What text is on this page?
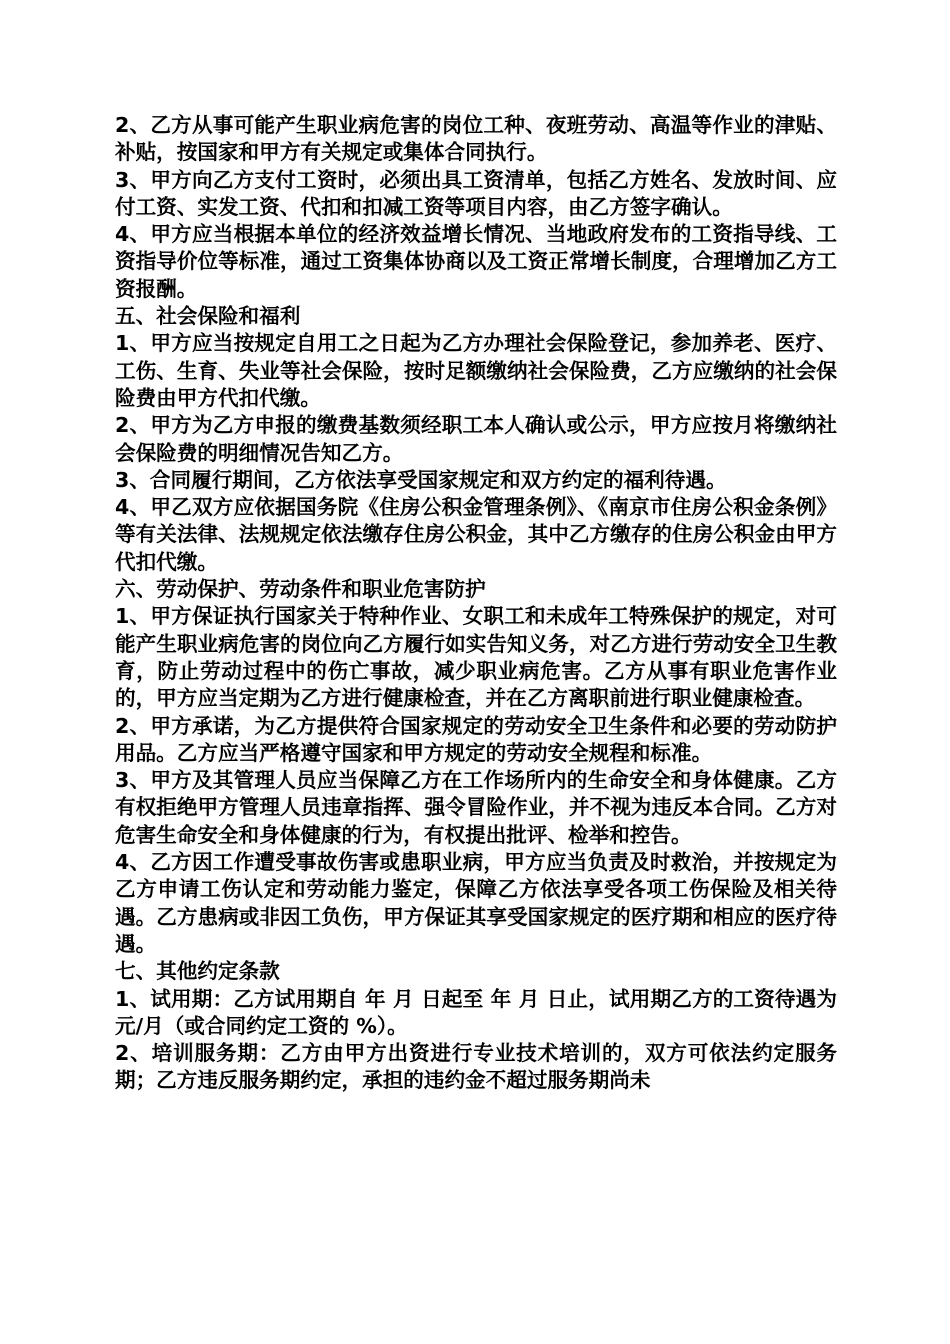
2、乙方从事可能产生职业病危害的岗位工种、夜班劳动、高温等作业的津贴、补贴，按国家和甲方有关规定或集体合同执行。

3、甲方向乙方支付工资时，必须出具工资清单，包括乙方姓名、发放时间、应付工资、实发工资、代扣和扣减工资等项目内容，由乙方签字确认。

4、甲方应当根据本单位的经济效益增长情况、当地政府发布的工资指导线、工资指导价位等标准，通过工资集体协商以及工资正常增长制度，合理增加乙方工资报酬。

五、社会保险和福利

1、甲方应当按规定自用工之日起为乙方办理社会保险登记，参加养老、医疗、工伤、生育、失业等社会保险，按时足额缴纳社会保险费，乙方应缴纳的社会保险费由甲方代扣代缴。

2、甲方为乙方申报的缴费基数须经职工本人确认或公示，甲方应按月将缴纳社会保险费的明细情况告知乙方。

3、合同履行期间，乙方依法享受国家规定和双方约定的福利待遇。

4、甲乙双方应依据国务院《住房公积金管理条例》、《南京市住房公积金条例》等有关法律、法规规定依法缴存住房公积金，其中乙方缴存的住房公积金由甲方代扣代缴。

六、劳动保护、劳动条件和职业危害防护

1、甲方保证执行国家关于特种作业、女职工和未成年工特殊保护的规定，对可能产生职业病危害的岗位向乙方履行如实告知义务，对乙方进行劳动安全卫生教育，防止劳动过程中的伤亡事故，减少职业病危害。乙方从事有职业危害作业的，甲方应当定期为乙方进行健康检查，并在乙方离职前进行职业健康检查。

2、甲方承诺，为乙方提供符合国家规定的劳动安全卫生条件和必要的劳动防护用品。乙方应当严格遵守国家和甲方规定的劳动安全规程和标准。

3、甲方及其管理人员应当保障乙方在工作场所内的生命安全和身体健康。乙方有权拒绝甲方管理人员违章指挥、强令冒险作业，并不视为违反本合同。乙方对危害生命安全和身体健康的行为，有权提出批评、检举和控告。

4、乙方因工作遭受事故伤害或患职业病，甲方应当负责及时救治，并按规定为乙方申请工伤认定和劳动能力鉴定，保障乙方依法享受各项工伤保险及相关待遇。乙方患病或非因工负伤，甲方保证其享受国家规定的医疗期和相应的医疗待遇。

七、其他约定条款

1、试用期：乙方试用期自 年 月 日起至 年 月 日止，试用期乙方的工资待遇为元/月（或合同约定工资的 %）。

2、培训服务期：乙方由甲方出资进行专业技术培训的，双方可依法约定服务期；乙方违反服务期约定，承担的违约金不超过服务期尚未
